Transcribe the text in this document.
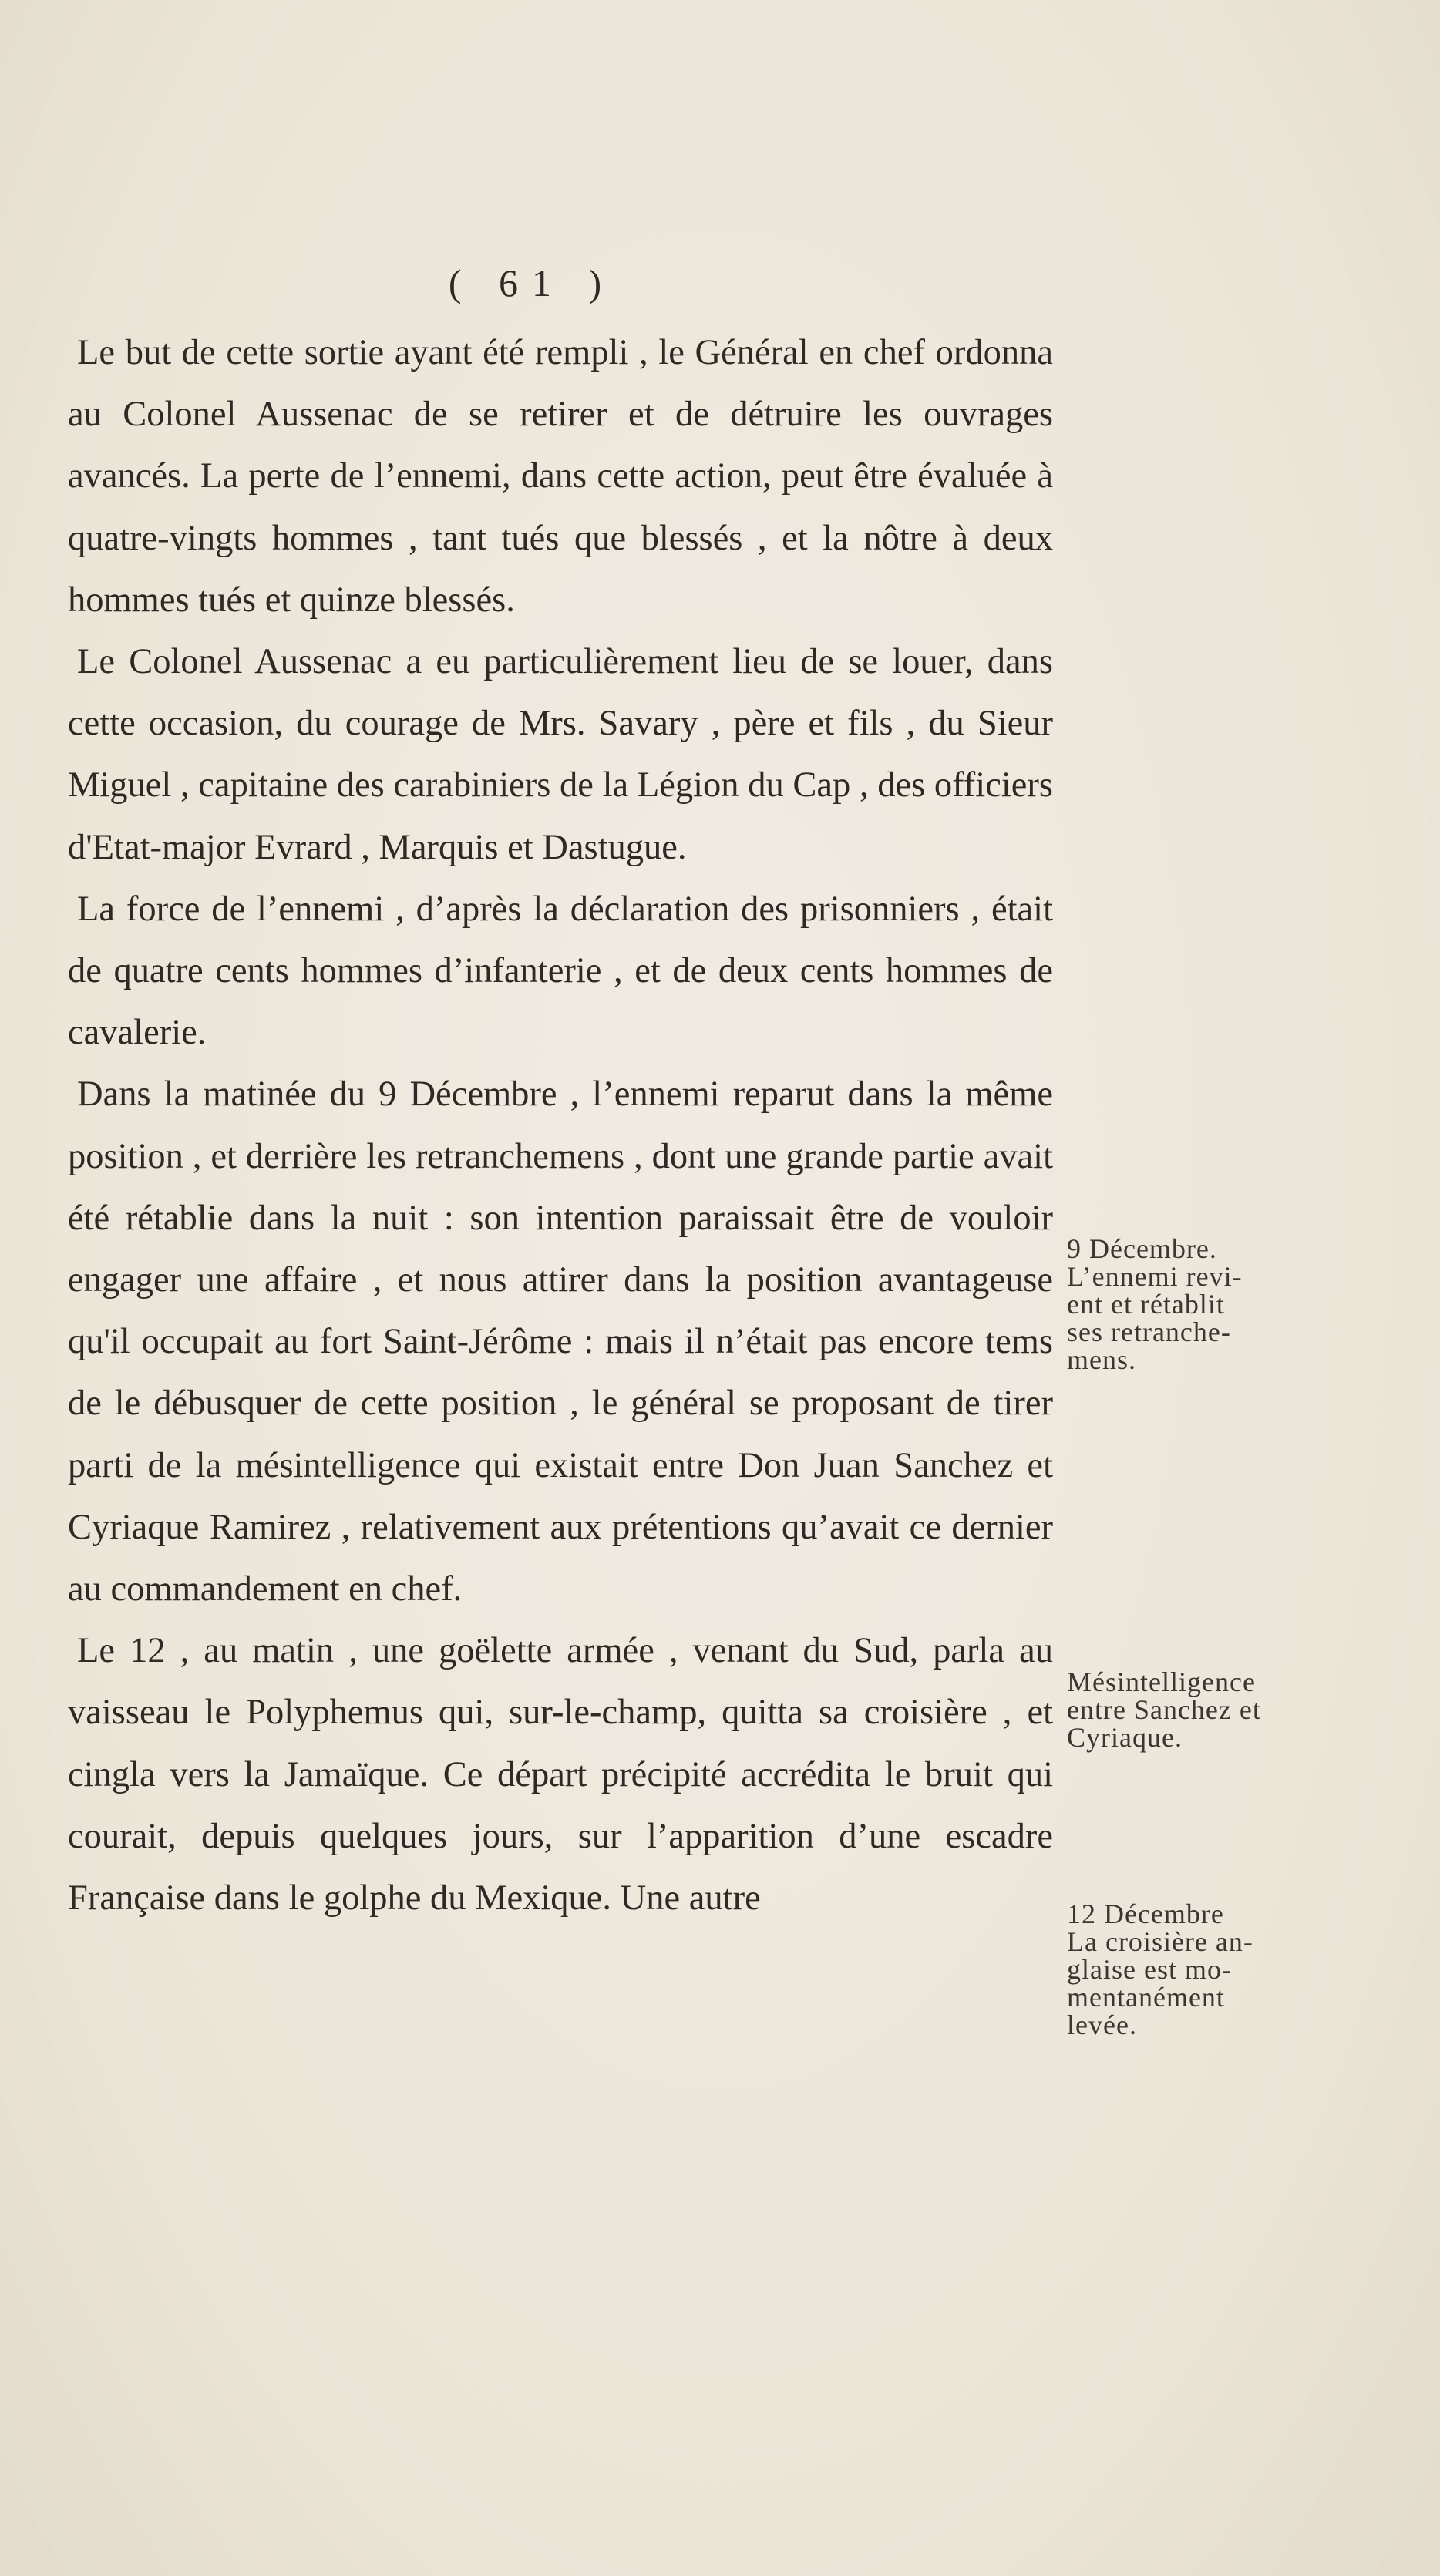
( 61 )

Le but de cette sortie ayant été rempli , le Général en chef ordonna au Colonel Aussenac de se retirer et de détruire les ouvrages avancés. La perte de l’ennemi, dans cette action, peut être évaluée à quatre-vingts hommes , tant tués que blessés , et la nôtre à deux hommes tués et quinze blessés.

Le Colonel Aussenac a eu particulièrement lieu de se louer, dans cette occasion, du courage de Mrs. Savary , père et fils , du Sieur Miguel , capitaine des carabiniers de la Légion du Cap , des officiers d'Etat-major Evrard , Marquis et Dastugue.

La force de l’ennemi , d’après la déclaration des prisonniers , était de quatre cents hommes d’infanterie , et de deux cents hommes de cavalerie.

Dans la matinée du 9 Décembre , l’ennemi reparut dans la même position , et derrière les retranchemens , dont une grande partie avait été rétablie dans la nuit : son intention paraissait être de vouloir engager une affaire , et nous attirer dans la position avantageuse qu'il occupait au fort Saint-Jérôme : mais il n’était pas encore tems de le débusquer de cette position , le général se proposant de tirer parti de la mésintelligence qui existait entre Don Juan Sanchez et Cyriaque Ramirez , relativement aux prétentions qu’avait ce dernier au commandement en chef.

Le 12 , au matin , une goëlette armée , venant du Sud, parla au vaisseau le Polyphemus qui, sur-le-champ, quitta sa croisière , et cingla vers la Jamaïque. Ce départ précipité accrédita le bruit qui courait, depuis quelques jours, sur l’apparition d’une escadre Française dans le golphe du Mexique. Une autre

9 Décembre.
L’ennemi revi-
ent et rétablit
ses retranche-
mens.
Mésintelligence
entre Sanchez et
Cyriaque.
12 Décembre
La croisière an-
glaise est mo-
mentanément
levée.
